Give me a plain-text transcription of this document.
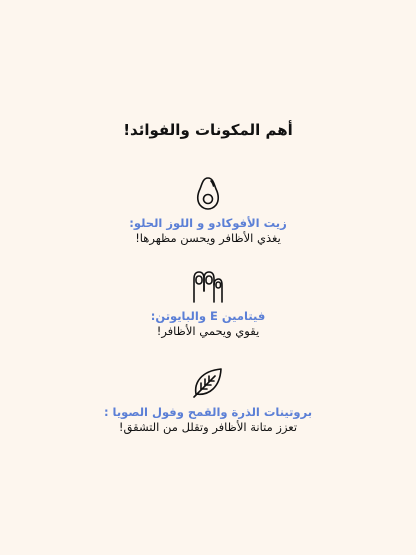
أهم المكونات والفوائد!
زيت الأفوكادو و اللوز الحلو:
يغذي الأظافر ويحسن مظهرها!
فيتامين E والبايوتن:
يقوي ويحمي الأظافر!
بروتينات الذرة والقمح وفول الصويا :
تعزز متانة الأظافر وتقلل من التشقق!
